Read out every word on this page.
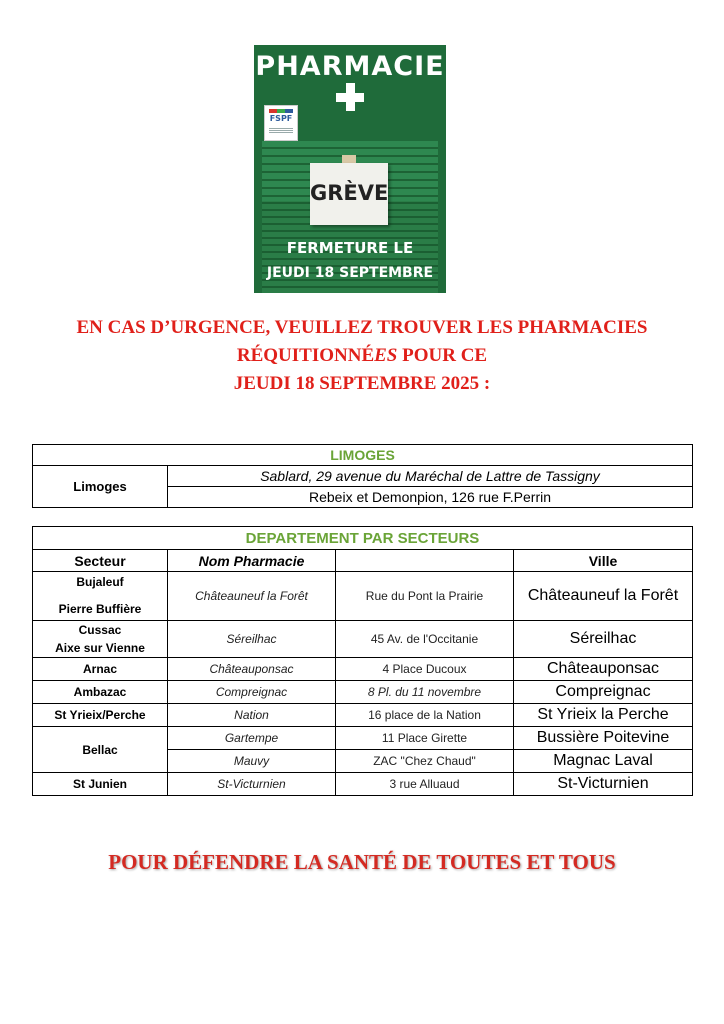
PHARMACIE
FSPF
GRÈVE
FERMETURE LE
JEUDI 18 SEPTEMBRE
EN CAS D’URGENCE, VEUILLEZ TROUVER LES PHARMACIES
RÉQUITIONNÉES POUR CE
JEUDI 18 SEPTEMBRE 2025 :
LIMOGES
Limoges	Sablard, 29 avenue du Maréchal de Lattre de Tassigny
Rebeix et Demonpion, 126 rue F.Perrin
DEPARTEMENT PAR SECTEURS			
Secteur	Nom Pharmacie		Ville

Bujaleuf
Pierre Buffière	Châteauneuf la Forêt	Rue du Pont la Prairie	Châteauneuf la Forêt

Cussac
Aixe sur Vienne	Séreilhac	45 Av. de l'Occitanie	Séreilhac
Arnac	Châteauponsac	4 Place Ducoux	Châteauponsac
Ambazac	Compreignac	8 Pl. du 11 novembre	Compreignac
St Yrieix/Perche	Nation	16 place de la Nation	St Yrieix la Perche
Bellac	Gartempe	11 Place Girette	Bussière Poitevine
	Mauvy	ZAC "Chez Chaud"	Magnac Laval
St Junien	St-Victurnien	3 rue Alluaud	St-Victurnien
POUR DÉFENDRE LA SANTÉ DE TOUTES ET TOUS
